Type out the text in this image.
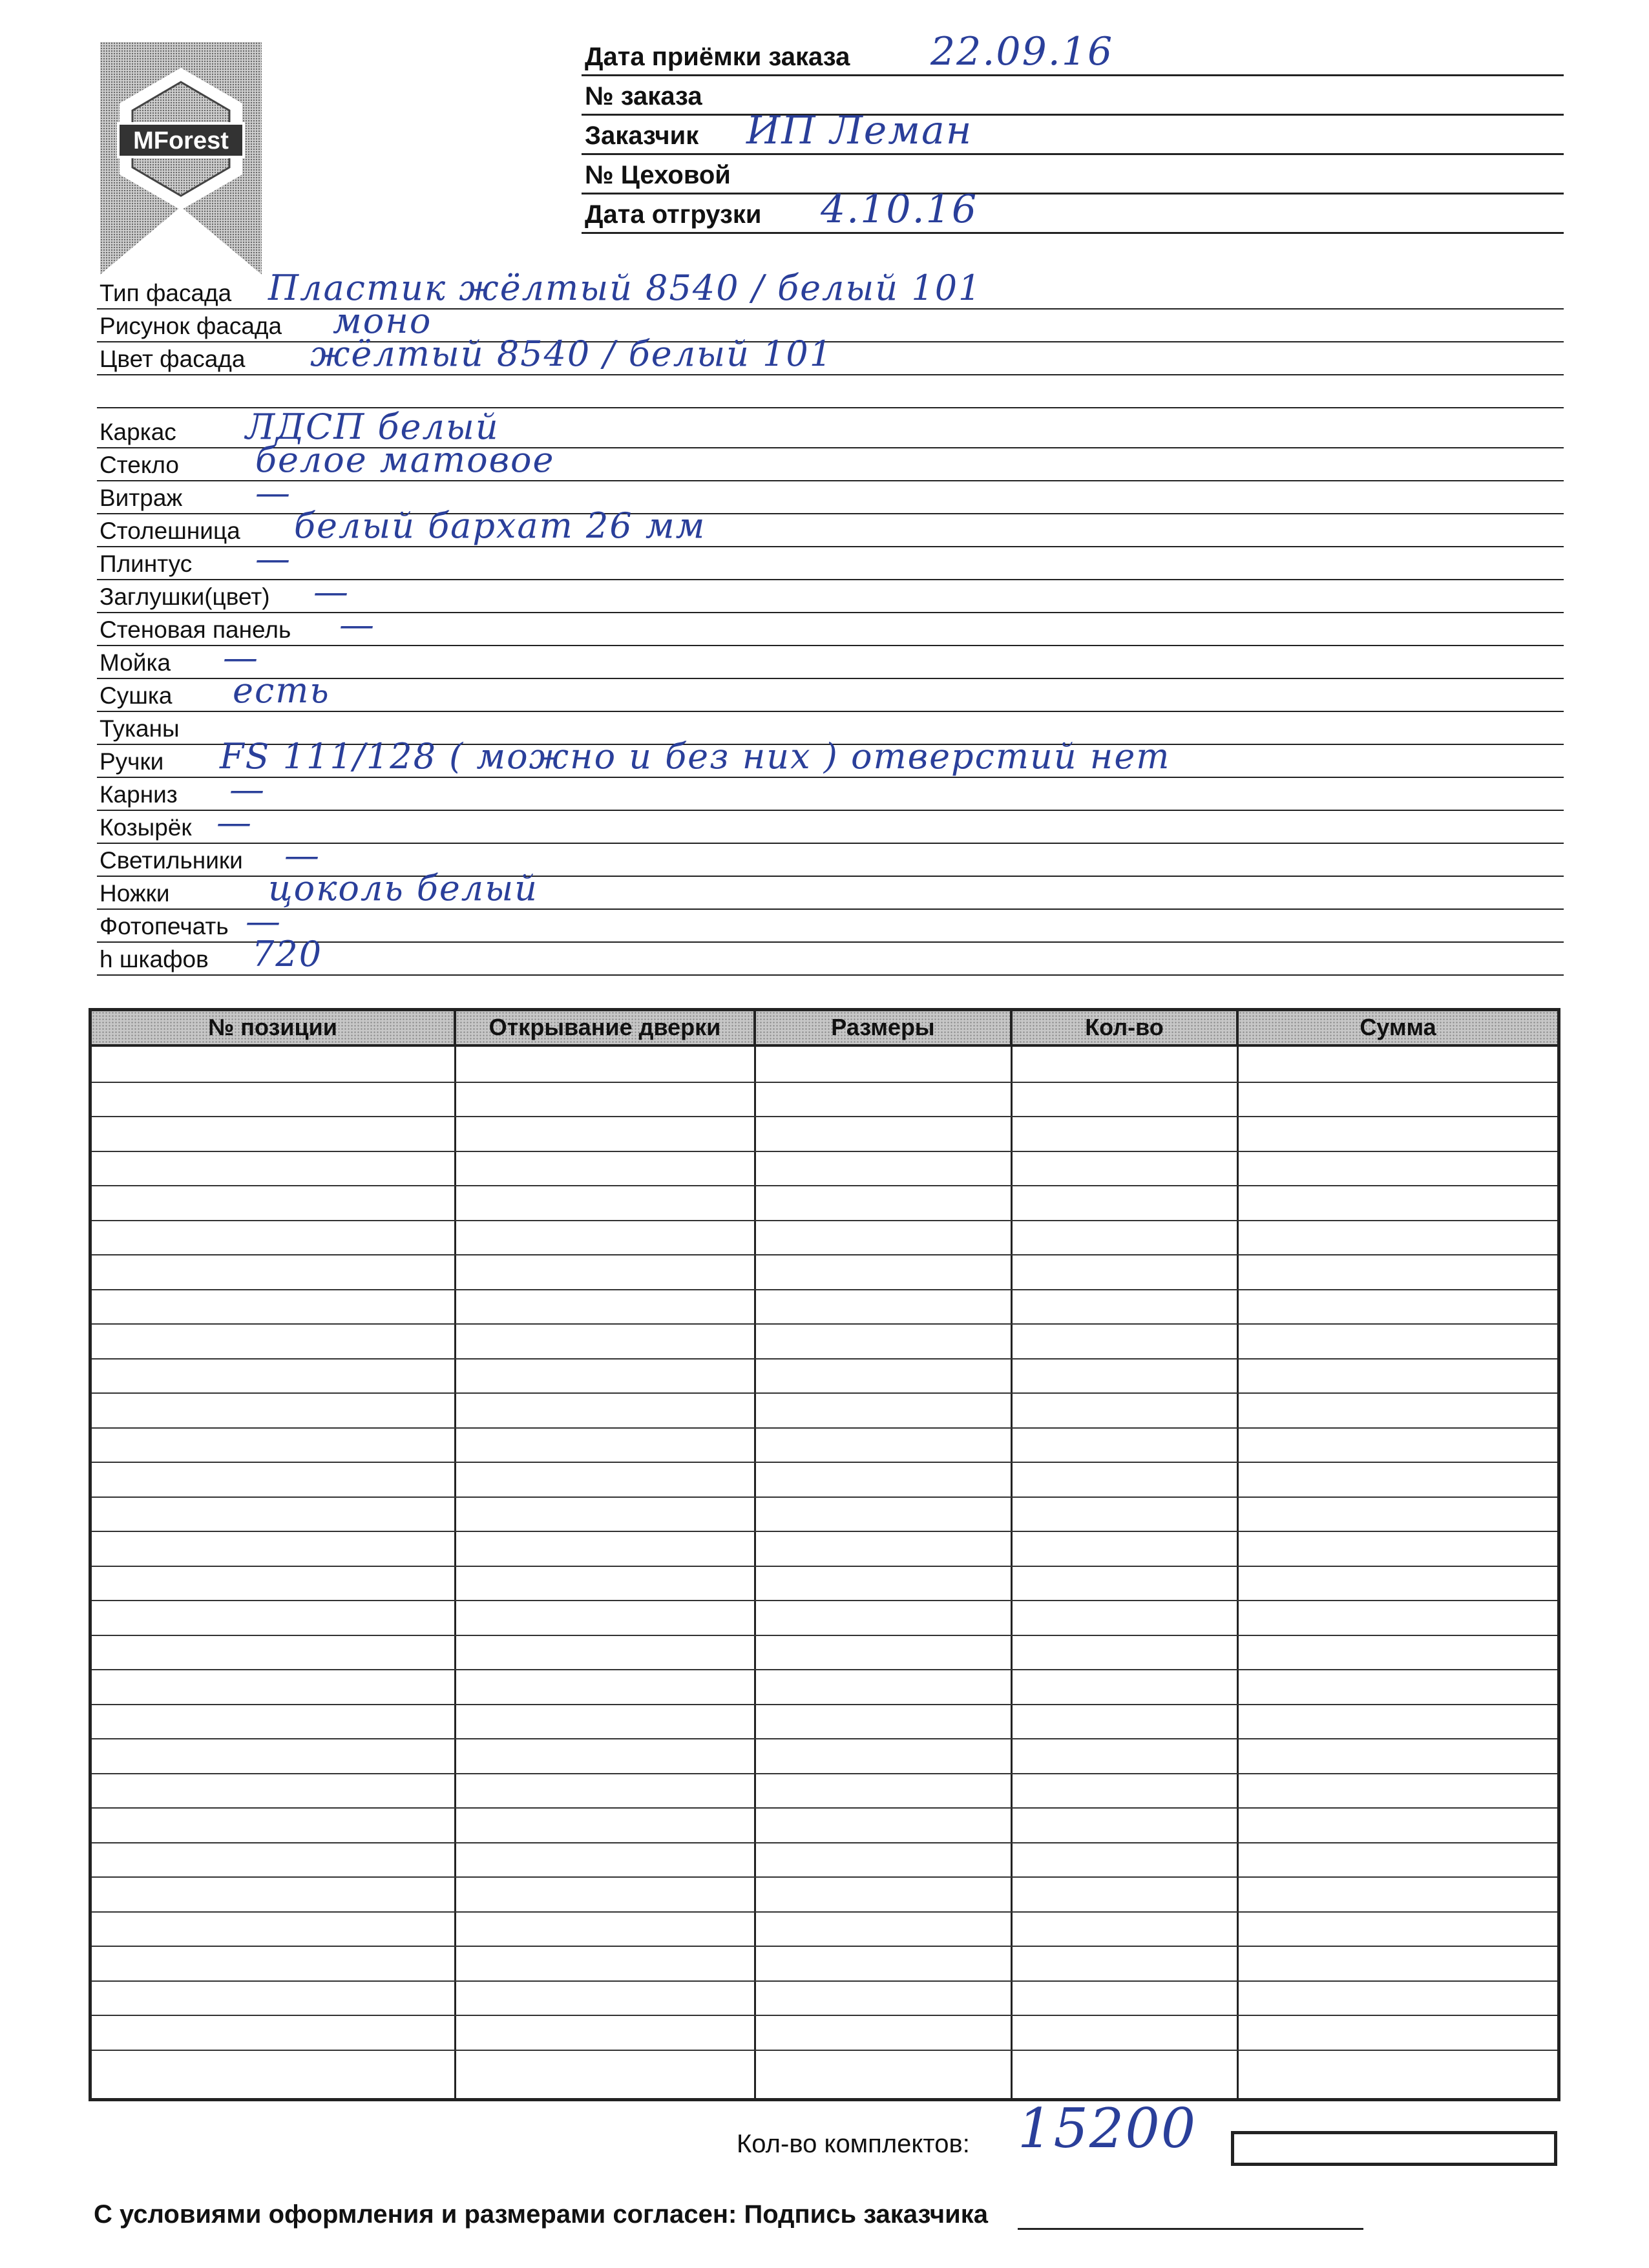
MForest
Дата приёмки заказа 22.09.16
№ заказа
Заказчик ИП Леман
№ Цеховой
Дата отгрузки 4.10.16
Тип фасада Пластик жёлтый 8540 / белый 101
Рисунок фасада моно
Цвет фасада жёлтый 8540 / белый 101
Каркас ЛДСП белый
Стекло белое матовое
Витраж —
Столешница белый бархат 26 мм
Плинтус —
Заглушки(цвет) —
Стеновая панель —
Мойка —
Сушка есть
Туканы
Ручки FS 111/128 ( можно и без них ) отверстий нет
Карниз —
Козырёк —
Светильники —
Ножки	цоколь белый
Фотопечать —
h шкафов 720
№ позиции	Открывание дверки	Размеры	Кол-во	Сумма
Кол-во комплектов: 15200
С условиями оформления и размерами согласен: Подпись заказчика
